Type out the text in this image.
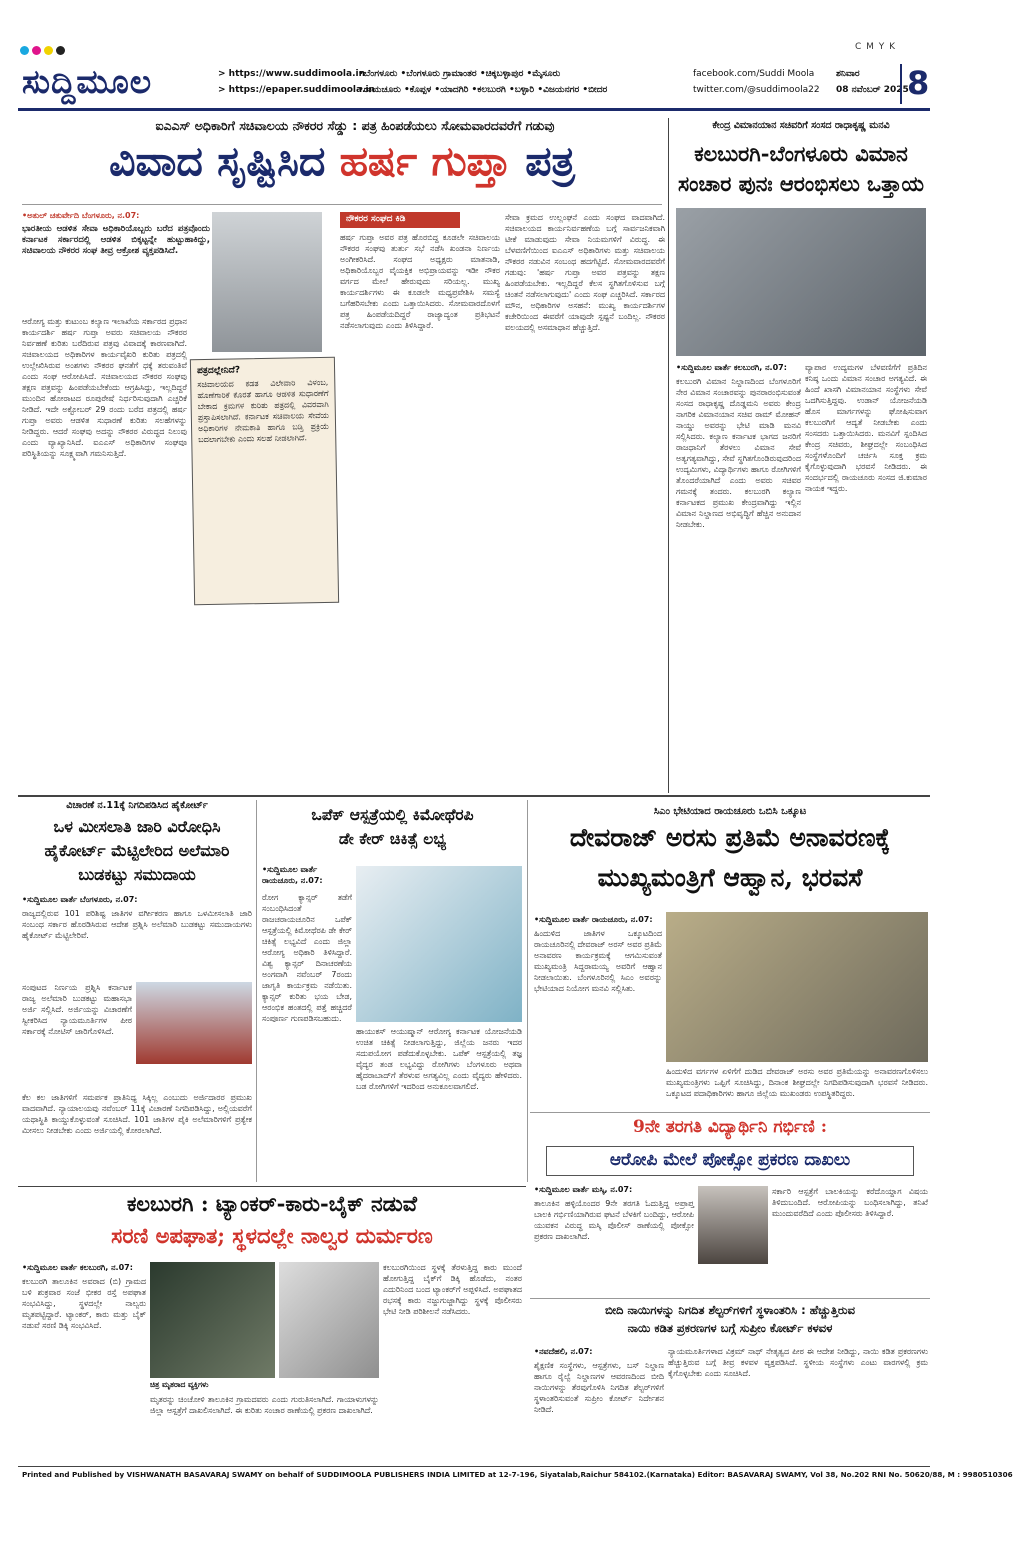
C M Y K
ಸುದ್ದಿಮೂಲ	> https://www.suddimoola.in
> https://epaper.suddimoola.in
•ಬೆಂಗಳೂರು •ಬೆಂಗಳೂರು ಗ್ರಾಮಾಂತರ •ಚಿಕ್ಕಬಳ್ಳಾಪುರ •ಮೈಸೂರು
•ರಾಯಚೂರು •ಕೊಪ್ಪಳ •ಯಾದಗಿರಿ •ಕಲಬುರಗಿ •ಬಳ್ಳಾರಿ •ವಿಜಯನಗರ •ಬೀದರ
facebook.com/Suddi Moola
twitter.com/@suddimoola22
ಶನಿವಾರ
08 ನವೆಂಬರ್ 2025
8
ಐಎಎಸ್ ಅಧಿಕಾರಿಗೆ ಸಚಿವಾಲಯ ನೌಕರರ ಸೆಡ್ಡು : ಪತ್ರ ಹಿಂಪಡೆಯಲು ಸೋಮವಾರದವರೆಗೆ ಗಡುವು
ವಿವಾದ ಸೃಷ್ಟಿಸಿದ ಹರ್ಷ ಗುಪ್ತಾ ಪತ್ರ
•ಅತುಲ್ ಚತುರ್ವೇದಿ ಬೆಂಗಳೂರು, ನ.07:
ಭಾರತೀಯ ಆಡಳಿತ ಸೇವಾ ಅಧಿಕಾರಿಯೊಬ್ಬರು ಬರೆದ ಪತ್ರವೊಂದು ಕರ್ನಾಟಕ ಸರ್ಕಾರದಲ್ಲಿ ಆಡಳಿತ ಬಿಕ್ಕಟ್ಟನ್ನೇ ಹುಟ್ಟುಹಾಕಿದ್ದು, ಸಚಿವಾಲಯ ನೌಕರರ ಸಂಘ ತೀವ್ರ ಆಕ್ರೋಶ ವ್ಯಕ್ತಪಡಿಸಿದೆ.
ಆರೋಗ್ಯ ಮತ್ತು ಕುಟುಂಬ ಕಲ್ಯಾಣ ಇಲಾಖೆಯ ಸರ್ಕಾರದ ಪ್ರಧಾನ ಕಾರ್ಯದರ್ಶಿ ಹರ್ಷ ಗುಪ್ತಾ ಅವರು ಸಚಿವಾಲಯ ನೌಕರರ ನಿರ್ವಹಣೆ ಕುರಿತು ಬರೆದಿರುವ ಪತ್ರವು ವಿವಾದಕ್ಕೆ ಕಾರಣವಾಗಿದೆ. ಸಚಿವಾಲಯದ ಅಧಿಕಾರಿಗಳ ಕಾರ್ಯವೈಖರಿ ಕುರಿತು ಪತ್ರದಲ್ಲಿ ಉಲ್ಲೇಖಿಸಿರುವ ಅಂಶಗಳು ನೌಕರರ ಘನತೆಗೆ ಧಕ್ಕೆ ತರುವಂತಿವೆ ಎಂದು ಸಂಘ ಆರೋಪಿಸಿದೆ. ಸಚಿವಾಲಯದ ನೌಕರರ ಸಂಘವು ತಕ್ಷಣ ಪತ್ರವನ್ನು ಹಿಂಪಡೆಯಬೇಕೆಂದು ಆಗ್ರಹಿಸಿದ್ದು, ಇಲ್ಲದಿದ್ದರೆ ಮುಂದಿನ ಹೋರಾಟದ ರೂಪುರೇಷೆ ನಿರ್ಧರಿಸುವುದಾಗಿ ಎಚ್ಚರಿಕೆ ನೀಡಿದೆ. ಇದೇ ಅಕ್ಟೋಬರ್ 29 ರಂದು ಬರೆದ ಪತ್ರದಲ್ಲಿ ಹರ್ಷ ಗುಪ್ತಾ ಅವರು ಆಡಳಿತ ಸುಧಾರಣೆ ಕುರಿತು ಸಲಹೆಗಳನ್ನು ನೀಡಿದ್ದರು. ಆದರೆ ಸಂಘವು ಅದನ್ನು ನೌಕರರ ವಿರುದ್ಧದ ನಿಲುವು ಎಂದು ವ್ಯಾಖ್ಯಾನಿಸಿದೆ. ಐಎಎಸ್ ಅಧಿಕಾರಿಗಳ ಸಂಘವೂ ಪರಿಸ್ಥಿತಿಯನ್ನು ಸೂಕ್ಷ್ಮವಾಗಿ ಗಮನಿಸುತ್ತಿದೆ.
ಪತ್ರದಲ್ಲೇನಿದೆ?
ಸಚಿವಾಲಯದ ಕಡತ ವಿಲೇವಾರಿ ವಿಳಂಬ, ಹೊಣೆಗಾರಿಕೆ ಕೊರತೆ ಹಾಗೂ ಆಡಳಿತ ಸುಧಾರಣೆಗೆ ಬೇಕಾದ ಕ್ರಮಗಳ ಕುರಿತು ಪತ್ರದಲ್ಲಿ ವಿವರವಾಗಿ ಪ್ರಸ್ತಾಪಿಸಲಾಗಿದೆ. ಕರ್ನಾಟಕ ಸಚಿವಾಲಯ ಸೇವೆಯ ಅಧಿಕಾರಿಗಳ ನೇಮಕಾತಿ ಹಾಗೂ ಬಡ್ತಿ ಪ್ರಕ್ರಿಯೆ ಬದಲಾಗಬೇಕು ಎಂದು ಸಲಹೆ ನೀಡಲಾಗಿದೆ.
ನೌಕರರ ಸಂಘದ ಕಿಡಿ
ಹರ್ಷ ಗುಪ್ತಾ ಅವರ ಪತ್ರ ಹೊರಬಿದ್ದ ಕೂಡಲೇ ಸಚಿವಾಲಯ ನೌಕರರ ಸಂಘವು ತುರ್ತು ಸಭೆ ನಡೆಸಿ ಖಂಡನಾ ನಿರ್ಣಯ ಅಂಗೀಕರಿಸಿದೆ. ಸಂಘದ ಅಧ್ಯಕ್ಷರು ಮಾತನಾಡಿ, ಅಧಿಕಾರಿಯೊಬ್ಬರ ವೈಯಕ್ತಿಕ ಅಭಿಪ್ರಾಯವನ್ನು ಇಡೀ ನೌಕರ ವರ್ಗದ ಮೇಲೆ ಹೇರುವುದು ಸರಿಯಲ್ಲ. ಮುಖ್ಯ ಕಾರ್ಯದರ್ಶಿಗಳು ಈ ಕೂಡಲೇ ಮಧ್ಯಪ್ರವೇಶಿಸಿ ಸಮಸ್ಯೆ ಬಗೆಹರಿಸಬೇಕು ಎಂದು ಒತ್ತಾಯಿಸಿದರು. ಸೋಮವಾರದೊಳಗೆ ಪತ್ರ ಹಿಂಪಡೆಯದಿದ್ದರೆ ರಾಜ್ಯಾದ್ಯಂತ ಪ್ರತಿಭಟನೆ ನಡೆಸಲಾಗುವುದು ಎಂದು ತಿಳಿಸಿದ್ದಾರೆ.
ಸೇವಾ ಕ್ರಮದ ಉಲ್ಲಂಘನೆ ಎಂದು ಸಂಘದ ವಾದವಾಗಿದೆ. ಸಚಿವಾಲಯದ ಕಾರ್ಯನಿರ್ವಹಣೆಯ ಬಗ್ಗೆ ಸಾರ್ವಜನಿಕವಾಗಿ ಟೀಕೆ ಮಾಡುವುದು ಸೇವಾ ನಿಯಮಗಳಿಗೆ ವಿರುದ್ಧ. ಈ ಬೆಳವಣಿಗೆಯಿಂದ ಐಎಎಸ್ ಅಧಿಕಾರಿಗಳು ಮತ್ತು ಸಚಿವಾಲಯ ನೌಕರರ ನಡುವಿನ ಸಂಬಂಧ ಹದಗೆಟ್ಟಿದೆ. ಸೋಮವಾರದವರೆಗೆ ಗಡುವು: 'ಹರ್ಷ ಗುಪ್ತಾ ಅವರ ಪತ್ರವನ್ನು ತಕ್ಷಣ ಹಿಂಪಡೆಯಬೇಕು. ಇಲ್ಲದಿದ್ದರೆ ಕೆಲಸ ಸ್ಥಗಿತಗೊಳಿಸುವ ಬಗ್ಗೆ ಚಿಂತನೆ ನಡೆಸಲಾಗುವುದು' ಎಂದು ಸಂಘ ಎಚ್ಚರಿಸಿದೆ. ಸರ್ಕಾರದ ಮೌನ, ಅಧಿಕಾರಿಗಳ ಅಸಹನೆ: ಮುಖ್ಯ ಕಾರ್ಯದರ್ಶಿಗಳ ಕಚೇರಿಯಿಂದ ಈವರೆಗೆ ಯಾವುದೇ ಸ್ಪಷ್ಟನೆ ಬಂದಿಲ್ಲ. ನೌಕರರ ವಲಯದಲ್ಲಿ ಅಸಮಾಧಾನ ಹೆಚ್ಚುತ್ತಿದೆ.
ಕೇಂದ್ರ ವಿಮಾನಯಾನ ಸಚಿವರಿಗೆ ಸಂಸದ ರಾಧಾಕೃಷ್ಣ ಮನವಿ
ಕಲಬುರಗಿ-ಬೆಂಗಳೂರು ವಿಮಾನ
ಸಂಚಾರ ಪುನಃ ಆರಂಭಿಸಲು ಒತ್ತಾಯ
•ಸುದ್ದಿಮೂಲ ವಾರ್ತೆ ಕಲಬುರಗಿ, ನ.07:
ಕಲಬುರಗಿ ವಿಮಾನ ನಿಲ್ದಾಣದಿಂದ ಬೆಂಗಳೂರಿಗೆ ನೇರ ವಿಮಾನ ಸಂಚಾರವನ್ನು ಪುನರಾರಂಭಿಸುವಂತೆ ಸಂಸದ ರಾಧಾಕೃಷ್ಣ ದೊಡ್ಡಮನಿ ಅವರು ಕೇಂದ್ರ ನಾಗರಿಕ ವಿಮಾನಯಾನ ಸಚಿವ ರಾಮ್ ಮೋಹನ್ ನಾಯ್ಡು ಅವರನ್ನು ಭೇಟಿ ಮಾಡಿ ಮನವಿ ಸಲ್ಲಿಸಿದರು. ಕಲ್ಯಾಣ ಕರ್ನಾಟಕ ಭಾಗದ ಜನರಿಗೆ ರಾಜಧಾನಿಗೆ ತೆರಳಲು ವಿಮಾನ ಸೇವೆ ಅತ್ಯಗತ್ಯವಾಗಿದ್ದು, ಸೇವೆ ಸ್ಥಗಿತಗೊಂಡಿರುವುದರಿಂದ ಉದ್ಯಮಿಗಳು, ವಿದ್ಯಾರ್ಥಿಗಳು ಹಾಗೂ ರೋಗಿಗಳಿಗೆ ತೊಂದರೆಯಾಗಿದೆ ಎಂದು ಅವರು ಸಚಿವರ ಗಮನಕ್ಕೆ ತಂದರು. ಕಲಬುರಗಿ ಕಲ್ಯಾಣ ಕರ್ನಾಟಕದ ಪ್ರಮುಖ ಕೇಂದ್ರವಾಗಿದ್ದು ಇಲ್ಲಿನ ವಿಮಾನ ನಿಲ್ದಾಣದ ಅಭಿವೃದ್ಧಿಗೆ ಹೆಚ್ಚಿನ ಅನುದಾನ ನೀಡಬೇಕು.
ವ್ಯಾಪಾರ ಉದ್ಯಮಗಳ ಬೆಳವಣಿಗೆಗೆ ಪ್ರತಿದಿನ ಕನಿಷ್ಠ ಒಂದು ವಿಮಾನ ಸಂಚಾರ ಅಗತ್ಯವಿದೆ. ಈ ಹಿಂದೆ ಖಾಸಗಿ ವಿಮಾನಯಾನ ಸಂಸ್ಥೆಗಳು ಸೇವೆ ಒದಗಿಸುತ್ತಿದ್ದವು. ಉಡಾನ್ ಯೋಜನೆಯಡಿ ಹೊಸ ಮಾರ್ಗಗಳನ್ನು ಘೋಷಿಸುವಾಗ ಕಲಬುರಗಿಗೆ ಆದ್ಯತೆ ನೀಡಬೇಕು ಎಂದು ಸಂಸದರು ಒತ್ತಾಯಿಸಿದರು. ಮನವಿಗೆ ಸ್ಪಂದಿಸಿದ ಕೇಂದ್ರ ಸಚಿವರು, ಶೀಘ್ರದಲ್ಲೇ ಸಂಬಂಧಿಸಿದ ಸಂಸ್ಥೆಗಳೊಂದಿಗೆ ಚರ್ಚಿಸಿ ಸೂಕ್ತ ಕ್ರಮ ಕೈಗೊಳ್ಳುವುದಾಗಿ ಭರವಸೆ ನೀಡಿದರು. ಈ ಸಂದರ್ಭದಲ್ಲಿ ರಾಯಚೂರು ಸಂಸದ ಜಿ.ಕುಮಾರ ನಾಯಕ ಇದ್ದರು.
ವಿಚಾರಣೆ ನ.11ಕ್ಕೆ ನಿಗದಿಪಡಿಸಿದ ಹೈಕೋರ್ಟ್
ಒಳ ಮೀಸಲಾತಿ ಜಾರಿ ವಿರೋಧಿಸಿ
ಹೈಕೋರ್ಟ್ ಮೆಟ್ಟಿಲೇರಿದ ಅಲೆಮಾರಿ
ಬುಡಕಟ್ಟು ಸಮುದಾಯ
•ಸುದ್ದಿಮೂಲ ವಾರ್ತೆ ಬೆಂಗಳೂರು, ನ.07:
ರಾಜ್ಯದಲ್ಲಿರುವ 101 ಪರಿಶಿಷ್ಟ ಜಾತಿಗಳ ವರ್ಗೀಕರಣ ಹಾಗೂ ಒಳಮೀಸಲಾತಿ ಜಾರಿ ಸಂಬಂಧ ಸರ್ಕಾರ ಹೊರಡಿಸಿರುವ ಆದೇಶ ಪ್ರಶ್ನಿಸಿ ಅಲೆಮಾರಿ ಬುಡಕಟ್ಟು ಸಮುದಾಯಗಳು ಹೈಕೋರ್ಟ್ ಮೆಟ್ಟಿಲೇರಿವೆ.
ಸಂಪುಟದ ನಿರ್ಣಯ ಪ್ರಶ್ನಿಸಿ ಕರ್ನಾಟಕ ರಾಜ್ಯ ಅಲೆಮಾರಿ ಬುಡಕಟ್ಟು ಮಹಾಸಭಾ ಅರ್ಜಿ ಸಲ್ಲಿಸಿದೆ. ಅರ್ಜಿಯನ್ನು ವಿಚಾರಣೆಗೆ ಸ್ವೀಕರಿಸಿದ ನ್ಯಾಯಮೂರ್ತಿಗಳ ಪೀಠ ಸರ್ಕಾರಕ್ಕೆ ನೋಟಿಸ್ ಜಾರಿಗೊಳಿಸಿದೆ.
ಕೆಲ ಕಲ ಜಾತಿಗಳಿಗೆ ಸಮರ್ಪಕ ಪ್ರಾತಿನಿಧ್ಯ ಸಿಕ್ಕಿಲ್ಲ ಎಂಬುದು ಅರ್ಜಿದಾರರ ಪ್ರಮುಖ ವಾದವಾಗಿದೆ. ನ್ಯಾಯಾಲಯವು ನವೆಂಬರ್ 11ಕ್ಕೆ ವಿಚಾರಣೆ ನಿಗದಿಪಡಿಸಿದ್ದು, ಅಲ್ಲಿಯವರೆಗೆ ಯಥಾಸ್ಥಿತಿ ಕಾಯ್ದುಕೊಳ್ಳುವಂತೆ ಸೂಚಿಸಿದೆ. 101 ಜಾತಿಗಳ ಪೈಕಿ ಅಲೆಮಾರಿಗಳಿಗೆ ಪ್ರತ್ಯೇಕ ಮೀಸಲು ನೀಡಬೇಕು ಎಂದು ಅರ್ಜಿಯಲ್ಲಿ ಕೋರಲಾಗಿದೆ.
ಒಪೆಕ್ ಆಸ್ಪತ್ರೆಯಲ್ಲಿ ಕಿಮೋಥೆರಪಿ
ಡೇ ಕೇರ್ ಚಿಕಿತ್ಸೆ ಲಭ್ಯ
•ಸುದ್ದಿಮೂಲ ವಾರ್ತೆ ರಾಯಚೂರು, ನ.07:
ರೋಗ ಕ್ಯಾನ್ಸರ್ ತಡೆಗೆ ಸಂಬಂಧಿಸಿದಂತೆ ರಾಜಚರಾಯಚೂರಿನ ಒಪೆಕ್ ಆಸ್ಪತ್ರೆಯಲ್ಲಿ ಕಿಮೋಥೆರಪಿ ಡೇ ಕೇರ್ ಚಿಕಿತ್ಸೆ ಲಭ್ಯವಿದೆ ಎಂದು ಜಿಲ್ಲಾ ಆರೋಗ್ಯ ಅಧಿಕಾರಿ ತಿಳಿಸಿದ್ದಾರೆ. ವಿಶ್ವ ಕ್ಯಾನ್ಸರ್ ದಿನಾಚರಣೆಯ ಅಂಗವಾಗಿ ನವೆಂಬರ್ 7ರಂದು ಜಾಗೃತಿ ಕಾರ್ಯಕ್ರಮ ನಡೆಯಿತು. ಕ್ಯಾನ್ಸರ್ ಕುರಿತು ಭಯ ಬೇಡ, ಆರಂಭಿಕ ಹಂತದಲ್ಲಿ ಪತ್ತೆ ಹಚ್ಚಿದರೆ ಸಂಪೂರ್ಣ ಗುಣಪಡಿಸಬಹುದು.
ಹಾಯುಕಸ್ ಆಯುಷ್ಮಾನ್ ಆರೋಗ್ಯ ಕರ್ನಾಟಕ ಯೋಜನೆಯಡಿ ಉಚಿತ ಚಿಕಿತ್ಸೆ ನೀಡಲಾಗುತ್ತಿದ್ದು, ಜಿಲ್ಲೆಯ ಜನರು ಇದರ ಸದುಪಯೋಗ ಪಡೆದುಕೊಳ್ಳಬೇಕು. ಒಪೆಕ್ ಆಸ್ಪತ್ರೆಯಲ್ಲಿ ತಜ್ಞ ವೈದ್ಯರ ತಂಡ ಲಭ್ಯವಿದ್ದು ರೋಗಿಗಳು ಬೆಂಗಳೂರು ಅಥವಾ ಹೈದರಾಬಾದ್‌ಗೆ ತೆರಳುವ ಅಗತ್ಯವಿಲ್ಲ ಎಂದು ವೈದ್ಯರು ಹೇಳಿದರು. ಬಡ ರೋಗಿಗಳಿಗೆ ಇದರಿಂದ ಅನುಕೂಲವಾಗಲಿದೆ.
ಸಿಎಂ ಭೇಟಿಯಾದ ರಾಯಚೂರು ಒಬಿಸಿ ಒಕ್ಕೂಟ
ದೇವರಾಜ್ ಅರಸು ಪ್ರತಿಮೆ ಅನಾವರಣಕ್ಕೆ
ಮುಖ್ಯಮಂತ್ರಿಗೆ ಆಹ್ವಾನ, ಭರವಸೆ
•ಸುದ್ದಿಮೂಲ ವಾರ್ತೆ ರಾಯಚೂರು, ನ.07:
ಹಿಂದುಳಿದ ಜಾತಿಗಳ ಒಕ್ಕೂಟದಿಂದ ರಾಯಚೂರಿನಲ್ಲಿ ದೇವರಾಜ್ ಅರಸ್ ಅವರ ಪ್ರತಿಮೆ ಅನಾವರಣ ಕಾರ್ಯಕ್ರಮಕ್ಕೆ ಆಗಮಿಸುವಂತೆ ಮುಖ್ಯಮಂತ್ರಿ ಸಿದ್ದರಾಮಯ್ಯ ಅವರಿಗೆ ಆಹ್ವಾನ ನೀಡಲಾಯಿತು. ಬೆಂಗಳೂರಿನಲ್ಲಿ ಸಿಎಂ ಅವರನ್ನು ಭೇಟಿಯಾದ ನಿಯೋಗ ಮನವಿ ಸಲ್ಲಿಸಿತು.
ಹಿಂದುಳಿದ ವರ್ಗಗಳ ಏಳಿಗೆಗೆ ದುಡಿದ ದೇವರಾಜ್ ಅರಸು ಅವರ ಪ್ರತಿಮೆಯನ್ನು ಅನಾವರಣಗೊಳಿಸಲು ಮುಖ್ಯಮಂತ್ರಿಗಳು ಒಪ್ಪಿಗೆ ಸೂಚಿಸಿದ್ದು, ದಿನಾಂಕ ಶೀಘ್ರದಲ್ಲೇ ನಿಗದಿಪಡಿಸುವುದಾಗಿ ಭರವಸೆ ನೀಡಿದರು. ಒಕ್ಕೂಟದ ಪದಾಧಿಕಾರಿಗಳು ಹಾಗೂ ಜಿಲ್ಲೆಯ ಮುಖಂಡರು ಉಪಸ್ಥಿತರಿದ್ದರು.
9ನೇ ತರಗತಿ ವಿದ್ಯಾರ್ಥಿನಿ ಗರ್ಭಿಣಿ :
ಆರೋಪಿ ಮೇಲೆ ಪೋಕ್ಸೋ ಪ್ರಕರಣ ದಾಖಲು
•ಸುದ್ದಿಮೂಲ ವಾರ್ತೆ ಮಸ್ಕಿ, ನ.07:
ತಾಲೂಕಿನ ಹಳ್ಳಿಯೊಂದರ 9ನೇ ತರಗತಿ ಓದುತ್ತಿದ್ದ ಅಪ್ರಾಪ್ತ ಬಾಲಕಿ ಗರ್ಭಿಣಿಯಾಗಿರುವ ಘಟನೆ ಬೆಳಕಿಗೆ ಬಂದಿದ್ದು, ಆರೋಪಿ ಯುವಕನ ವಿರುದ್ಧ ಮಸ್ಕಿ ಪೊಲೀಸ್ ಠಾಣೆಯಲ್ಲಿ ಪೋಕ್ಸೋ ಪ್ರಕರಣ ದಾಖಲಾಗಿದೆ.
ಸರ್ಕಾರಿ ಆಸ್ಪತ್ರೆಗೆ ಬಾಲಕಿಯನ್ನು ಕರೆದೊಯ್ದಾಗ ವಿಷಯ ತಿಳಿದುಬಂದಿದೆ. ಆರೋಪಿಯನ್ನು ಬಂಧಿಸಲಾಗಿದ್ದು, ತನಿಖೆ ಮುಂದುವರೆದಿದೆ ಎಂದು ಪೊಲೀಸರು ತಿಳಿಸಿದ್ದಾರೆ.
ಕಲಬುರಗಿ : ಟ್ಯಾಂಕರ್-ಕಾರು-ಬೈಕ್ ನಡುವೆ
ಸರಣಿ ಅಪಘಾತ; ಸ್ಥಳದಲ್ಲೇ ನಾಲ್ವರ ದುರ್ಮರಣ
•ಸುದ್ದಿಮೂಲ ವಾರ್ತೆ ಕಲಬುರಗಿ, ನ.07:
ಕಲಬುರಗಿ ತಾಲೂಕಿನ ಅವರಾದ (ಬಿ) ಗ್ರಾಮದ ಬಳಿ ಶುಕ್ರವಾರ ಸಂಜೆ ಭೀಕರ ರಸ್ತೆ ಅಪಘಾತ ಸಂಭವಿಸಿದ್ದು, ಸ್ಥಳದಲ್ಲೇ ನಾಲ್ವರು ಮೃತಪಟ್ಟಿದ್ದಾರೆ. ಟ್ಯಾಂಕರ್, ಕಾರು ಮತ್ತು ಬೈಕ್ ನಡುವೆ ಸರಣಿ ಡಿಕ್ಕಿ ಸಂಭವಿಸಿದೆ.
ಚಿತ್ರ ಮೃತರಾದ ವ್ಯಕ್ತಿಗಳು
ಕಲಬುರಗಿಯಿಂದ ಸ್ಥಳಕ್ಕೆ ತೆರಳುತ್ತಿದ್ದ ಕಾರು ಮುಂದೆ ಹೋಗುತ್ತಿದ್ದ ಬೈಕ್‌ಗೆ ಡಿಕ್ಕಿ ಹೊಡೆದು, ನಂತರ ಎದುರಿನಿಂದ ಬಂದ ಟ್ಯಾಂಕರ್‌ಗೆ ಅಪ್ಪಳಿಸಿದೆ. ಅಪಘಾತದ ರಭಸಕ್ಕೆ ಕಾರು ನಜ್ಜುಗುಜ್ಜಾಗಿದ್ದು ಸ್ಥಳಕ್ಕೆ ಪೊಲೀಸರು ಭೇಟಿ ನೀಡಿ ಪರಿಶೀಲನೆ ನಡೆಸಿದರು.
ಮೃತರನ್ನು ಚಿಂಚೋಳಿ ತಾಲೂಕಿನ ಗ್ರಾಮದವರು ಎಂದು ಗುರುತಿಸಲಾಗಿದೆ. ಗಾಯಾಳುಗಳನ್ನು ಜಿಲ್ಲಾ ಆಸ್ಪತ್ರೆಗೆ ದಾಖಲಿಸಲಾಗಿದೆ. ಈ ಕುರಿತು ಸಂಚಾರ ಠಾಣೆಯಲ್ಲಿ ಪ್ರಕರಣ ದಾಖಲಾಗಿದೆ.
ಬೀದಿ ನಾಯಿಗಳನ್ನು ನಿಗದಿತ ಶೆಲ್ಟರ್‌ಗಳಿಗೆ ಸ್ಥಳಾಂತರಿಸಿ : ಹೆಚ್ಚುತ್ತಿರುವ
ನಾಯಿ ಕಡಿತ ಪ್ರಕರಣಗಳ ಬಗ್ಗೆ ಸುಪ್ರೀಂ ಕೋರ್ಟ್ ಕಳವಳ
•ನವದೆಹಲಿ, ನ.07:
ಶೈಕ್ಷಣಿಕ ಸಂಸ್ಥೆಗಳು, ಆಸ್ಪತ್ರೆಗಳು, ಬಸ್ ನಿಲ್ದಾಣ ಹಾಗೂ ರೈಲ್ವೆ ನಿಲ್ದಾಣಗಳ ಆವರಣದಿಂದ ಬೀದಿ ನಾಯಿಗಳನ್ನು ತೆರವುಗೊಳಿಸಿ ನಿಗದಿತ ಶೆಲ್ಟರ್‌ಗಳಿಗೆ ಸ್ಥಳಾಂತರಿಸುವಂತೆ ಸುಪ್ರೀಂ ಕೋರ್ಟ್ ನಿರ್ದೇಶನ ನೀಡಿದೆ.
ನ್ಯಾಯಮೂರ್ತಿಗಳಾದ ವಿಕ್ರಮ್ ನಾಥ್ ನೇತೃತ್ವದ ಪೀಠ ಈ ಆದೇಶ ನೀಡಿದ್ದು, ನಾಯಿ ಕಡಿತ ಪ್ರಕರಣಗಳು ಹೆಚ್ಚುತ್ತಿರುವ ಬಗ್ಗೆ ತೀವ್ರ ಕಳವಳ ವ್ಯಕ್ತಪಡಿಸಿದೆ. ಸ್ಥಳೀಯ ಸಂಸ್ಥೆಗಳು ಎಂಟು ವಾರಗಳಲ್ಲಿ ಕ್ರಮ ಕೈಗೊಳ್ಳಬೇಕು ಎಂದು ಸೂಚಿಸಿದೆ.
Printed and Published by VISHWANATH BASAVARAJ SWAMY on behalf of SUDDIMOOLA PUBLISHERS INDIA LIMITED at 12-7-196, Siyatalab,Raichur 584102.(Karnataka) Editor: BASAVARAJ SWAMY, Vol 38, No.202 RNI No. 50620/88, M : 9980510306
